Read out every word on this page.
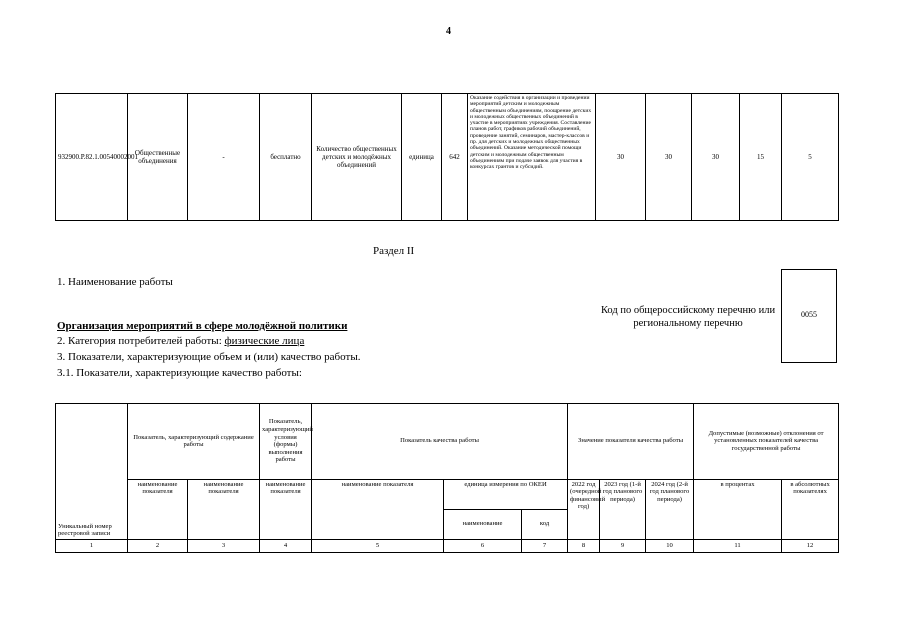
4
932900.Р.82.1.00540002001	Общественные объединения	-	бесплатно	Количество общественных детских и молодёжных объединений	единица	642	Оказание содействия в организации и проведении мероприятий детским и молодежным общественным объединениям, поощрение детских и молодежных общественных объединений в участие в мероприятиях учреждения. Составление планов работ, графиков рабочий объединений, проведение занятий, семинаров, мастер-классов и пр. для детских и молодежных общественных объединений. Оказание методической помощи детским и молодежным общественным объединениям при подаче заявок для участия в конкурсах грантов и субсидий.	30	30	30	15	5
Раздел II
1. Наименование работы
Код по общероссийскому перечню или региональному перечню
0055
Организация мероприятий в сфере молодёжной политики
2. Категория потребителей работы: физические лица
3. Показатели, характеризующие объем и (или) качество работы.
3.1. Показатели, характеризующие качество работы:
Уникальный номер реестровой записи	Показатель, характеризующий содержание работы		Показатель, характеризующий условия (формы) выполнения работы	Показатель качества работы			Значение показателя качества работы			Допустимые (возможные) отклонения от установленных показателей качества государственной работы	
	наименование показателя	наименование показателя	наименование показателя	наименование показателя	единица измерения по ОКЕИ		2022 год (очередной финансовый год)	2023 год (1-й год планового периода)	2024 год (2-й год планового периода)	в процентах	в абсолютных показателях
					наименование	код					
1	2	3	4	5	6	7	8	9	10	11	12
